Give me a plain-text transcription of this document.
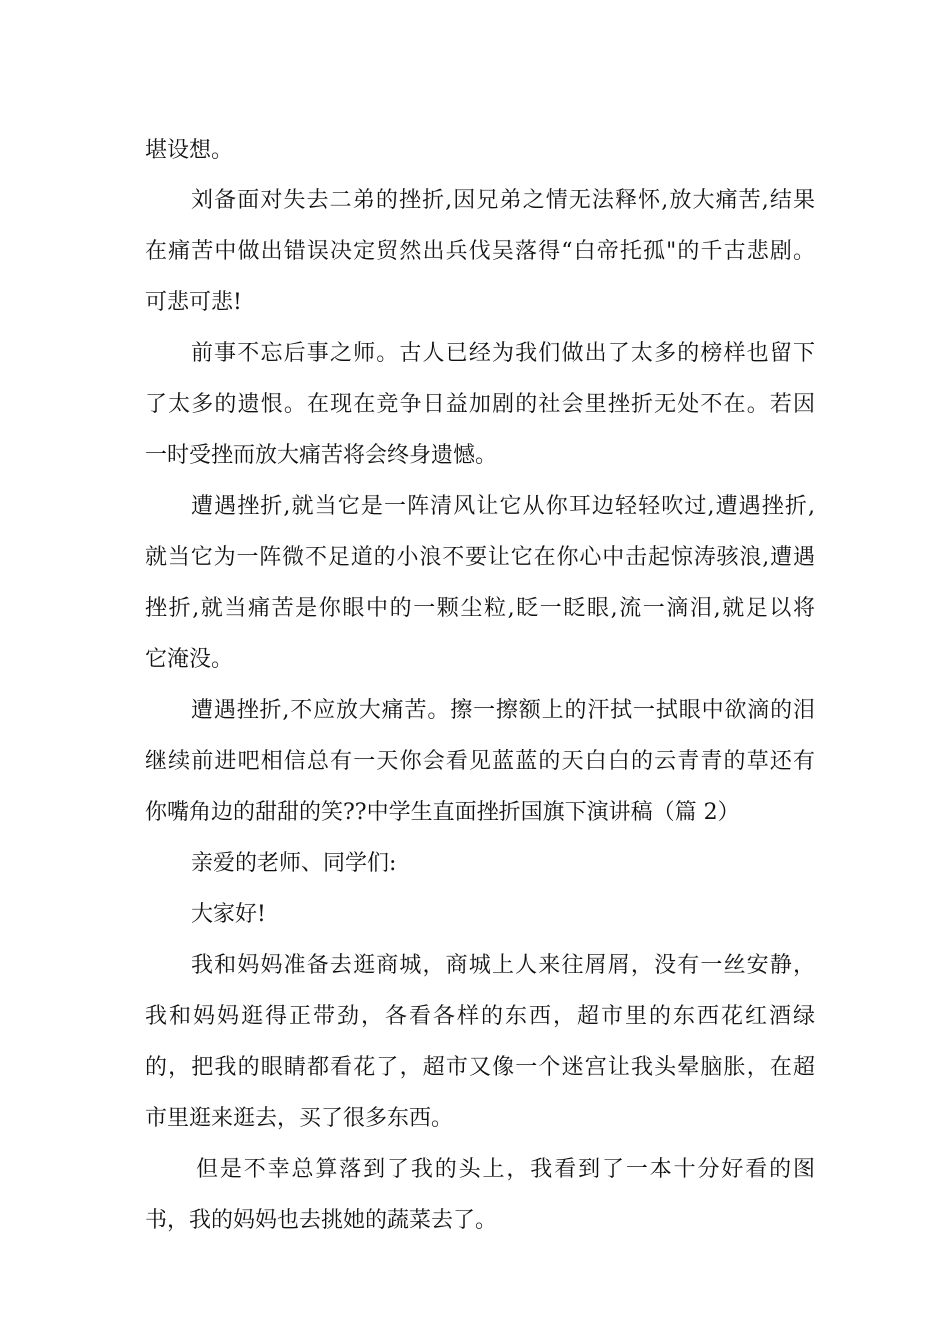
堪设想。
刘备面对失去二弟的挫折,因兄弟之情无法释怀,放大痛苦,结果
在痛苦中做出错误决定贸然出兵伐吴落得“白帝托孤"的千古悲剧。
可悲可悲!
前事不忘后事之师。古人已经为我们做出了太多的榜样也留下
了太多的遗恨。在现在竞争日益加剧的社会里挫折无处不在。若因
一时受挫而放大痛苦将会终身遗憾。
遭遇挫折,就当它是一阵清风让它从你耳边轻轻吹过,遭遇挫折,
就当它为一阵微不足道的小浪不要让它在你心中击起惊涛骇浪,遭遇
挫折,就当痛苦是你眼中的一颗尘粒,眨一眨眼,流一滴泪,就足以将
它淹没。
遭遇挫折,不应放大痛苦。擦一擦额上的汗拭一拭眼中欲滴的泪
继续前进吧相信总有一天你会看见蓝蓝的天白白的云青青的草还有
你嘴角边的甜甜的笑??中学生直面挫折国旗下演讲稿（篇 2）
亲爱的老师、同学们:
大家好!
我和妈妈准备去逛商城，商城上人来往屑屑，没有一丝安静，
我和妈妈逛得正带劲，各看各样的东西，超市里的东西花红酒绿
的，把我的眼睛都看花了，超市又像一个迷宫让我头晕脑胀，在超
市里逛来逛去，买了很多东西。
但是不幸总算落到了我的头上，我看到了一本十分好看的图
书，我的妈妈也去挑她的蔬菜去了。
